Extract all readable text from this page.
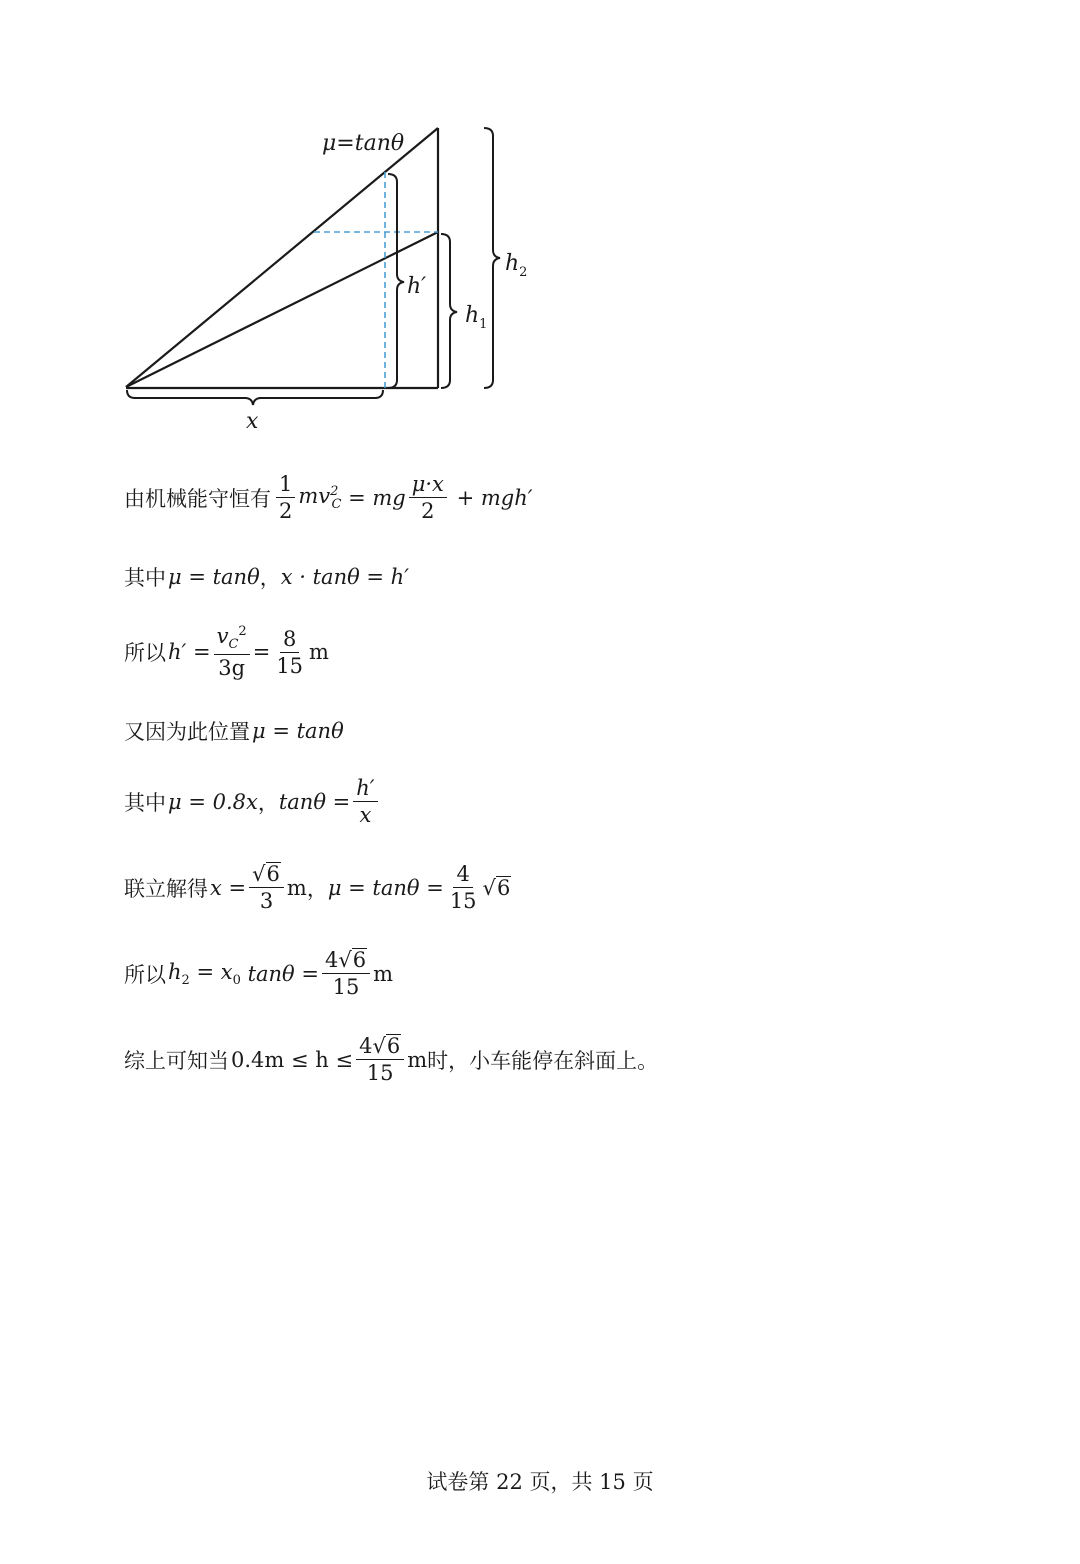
μ=tanθ
h′
$h_1$
$h_2$
x
由机械能守恒有 $\frac{1}{2} mv^2_C$ = mg $\frac{\mu\cdot x}{2} + mgh'$
其中 μ = tanθ ， x · tanθ = h′
所以 $h' = \frac{v_C^2}{3g} = \frac{8}{15}$ m
又因为此位置 μ = tanθ
其中 μ = 0.8x ， $\tan\theta = \frac{h'}{x}$
联立解得 $x = \frac{√ 6}{3}$ m ， $\mu = \tan\theta = \frac{4}{15}$ √ 6
所以 $h_2 = x_0$ $\tan\theta = \frac{4 √ 6}{15}$ m
综上可知当 $0.4m \le h \le \frac{4 √ 6}{15}$ m 时，小车能停在斜面上。
试卷第 22 页，共 15 页
